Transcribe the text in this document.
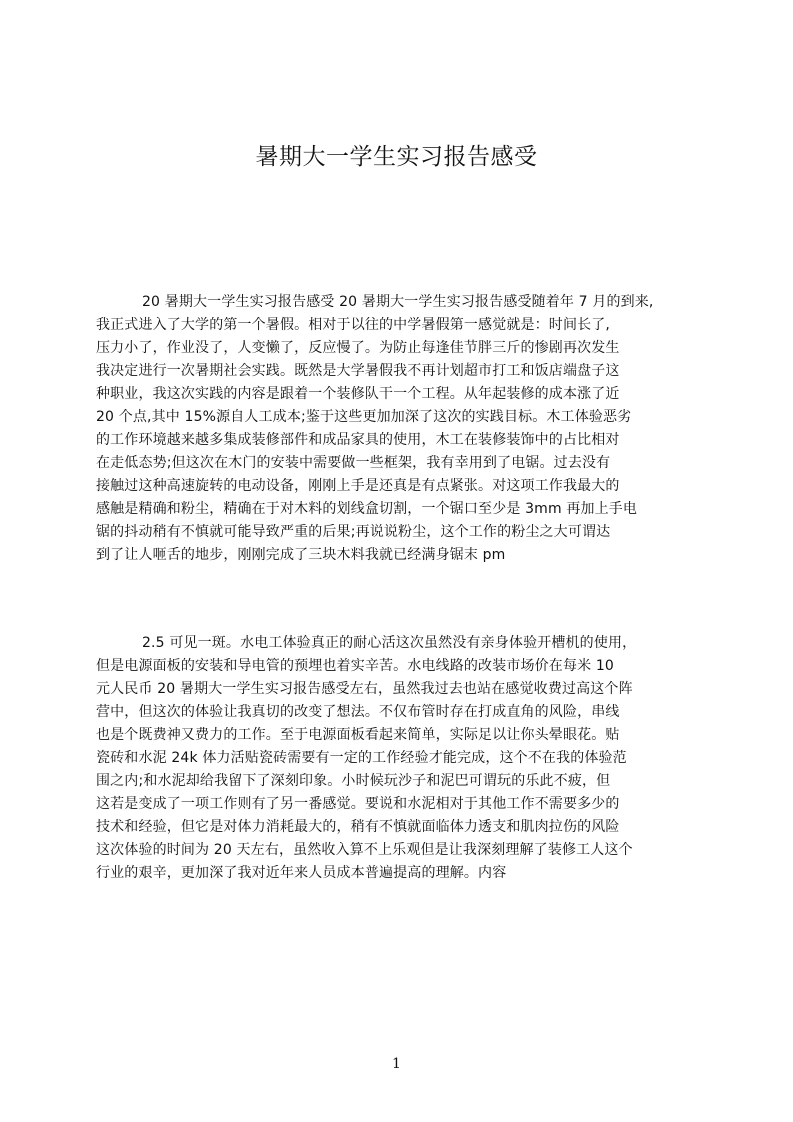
暑期大一学生实习报告感受
20 暑期大一学生实习报告感受 20 暑期大一学生实习报告感受随着年 7 月的到来,
我正式进入了大学的第一个暑假。相对于以往的中学暑假第一感觉就是：时间长了,
压力小了，作业没了，人变懒了，反应慢了。为防止每逢佳节胖三斤的惨剧再次发生
我决定进行一次暑期社会实践。既然是大学暑假我不再计划超市打工和饭店端盘子这
种职业，我这次实践的内容是跟着一个装修队干一个工程。从年起装修的成本涨了近
20 个点,其中 15%源自人工成本;鉴于这些更加加深了这次的实践目标。木工体验恶劣
的工作环境越来越多集成装修部件和成品家具的使用，木工在装修装饰中的占比相对
在走低态势;但这次在木门的安装中需要做一些框架，我有幸用到了电锯。过去没有
接触过这种高速旋转的电动设备，刚刚上手是还真是有点紧张。对这项工作我最大的
感触是精确和粉尘，精确在于对木料的划线盒切割，一个锯口至少是 3mm 再加上手电
锯的抖动稍有不慎就可能导致严重的后果;再说说粉尘，这个工作的粉尘之大可谓达
到了让人咂舌的地步，刚刚完成了三块木料我就已经满身锯末 pm
2.5 可见一斑。水电工体验真正的耐心活这次虽然没有亲身体验开槽机的使用，
但是电源面板的安装和导电管的预埋也着实辛苦。水电线路的改装市场价在每米 10
元人民币 20 暑期大一学生实习报告感受左右，虽然我过去也站在感觉收费过高这个阵
营中，但这次的体验让我真切的改变了想法。不仅布管时存在打成直角的风险，串线
也是个既费神又费力的工作。至于电源面板看起来简单，实际足以让你头晕眼花。贴
瓷砖和水泥 24k 体力活贴瓷砖需要有一定的工作经验才能完成，这个不在我的体验范
围之内;和水泥却给我留下了深刻印象。小时候玩沙子和泥巴可谓玩的乐此不疲，但
这若是变成了一项工作则有了另一番感觉。要说和水泥相对于其他工作不需要多少的
技术和经验，但它是对体力消耗最大的，稍有不慎就面临体力透支和肌肉拉伤的风险
这次体验的时间为 20 天左右，虽然收入算不上乐观但是让我深刻理解了装修工人这个
行业的艰辛，更加深了我对近年来人员成本普遍提高的理解。内容
1
